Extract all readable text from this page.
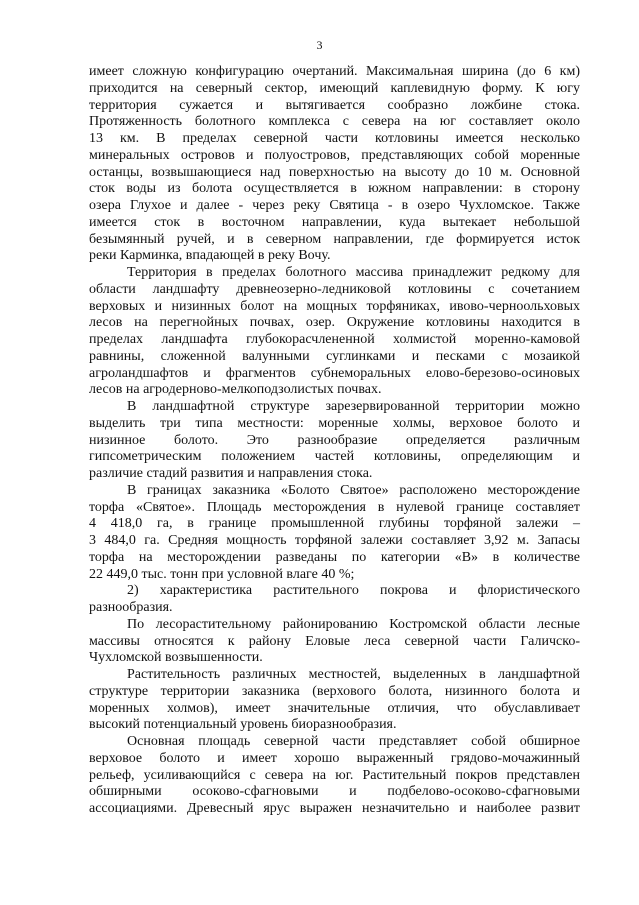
3
имеет сложную конфигурацию очертаний. Максимальная ширина (до 6 км)
приходится на северный сектор, имеющий каплевидную форму. К югу
территория сужается и вытягивается сообразно ложбине стока.
Протяженность болотного комплекса с севера на юг составляет около
13 км. В пределах северной части котловины имеется несколько
минеральных островов и полуостровов, представляющих собой моренные
останцы, возвышающиеся над поверхностью на высоту до 10 м. Основной
сток воды из болота осуществляется в южном направлении: в сторону
озера Глухое и далее - через реку Святица - в озеро Чухломское. Также
имеется сток в восточном направлении, куда вытекает небольшой
безымянный ручей, и в северном направлении, где формируется исток
реки Карминка, впадающей в реку Вочу.
Территория в пределах болотного массива принадлежит редкому для
области ландшафту древнеозерно-ледниковой котловины с сочетанием
верховых и низинных болот на мощных торфяниках, ивово-черноольховых
лесов на перегнойных почвах, озер. Окружение котловины находится в
пределах ландшафта глубокорасчлененной холмистой моренно-камовой
равнины, сложенной валунными суглинками и песками с мозаикой
агроландшафтов и фрагментов субнеморальных елово-березово-осиновых
лесов на агродерново-мелкоподзолистых почвах.
В ландшафтной структуре зарезервированной территории можно
выделить три типа местности: моренные холмы, верховое болото и
низинное болото. Это разнообразие определяется различным
гипсометрическим положением частей котловины, определяющим и
различие стадий развития и направления стока.
В границах заказника «Болото Святое» расположено месторождение
торфа «Святое». Площадь месторождения в нулевой границе составляет
4 418,0 га, в границе промышленной глубины торфяной залежи –
3 484,0 га. Средняя мощность торфяной залежи составляет 3,92 м. Запасы
торфа на месторождении разведаны по категории «В» в количестве
22 449,0 тыс. тонн при условной влаге 40 %;
2) характеристика растительного покрова и флористического
разнообразия.
По лесорастительному районированию Костромской области лесные
массивы относятся к району Еловые леса северной части Галичско-
Чухломской возвышенности.
Растительность различных местностей, выделенных в ландшафтной
структуре территории заказника (верхового болота, низинного болота и
моренных холмов), имеет значительные отличия, что обуславливает
высокий потенциальный уровень биоразнообразия.
Основная площадь северной части представляет собой обширное
верховое болото и имеет хорошо выраженный грядово-мочажинный
рельеф, усиливающийся с севера на юг. Растительный покров представлен
обширными осоково-сфагновыми и подбелово-осоково-сфагновыми
ассоциациями. Древесный ярус выражен незначительно и наиболее развит
